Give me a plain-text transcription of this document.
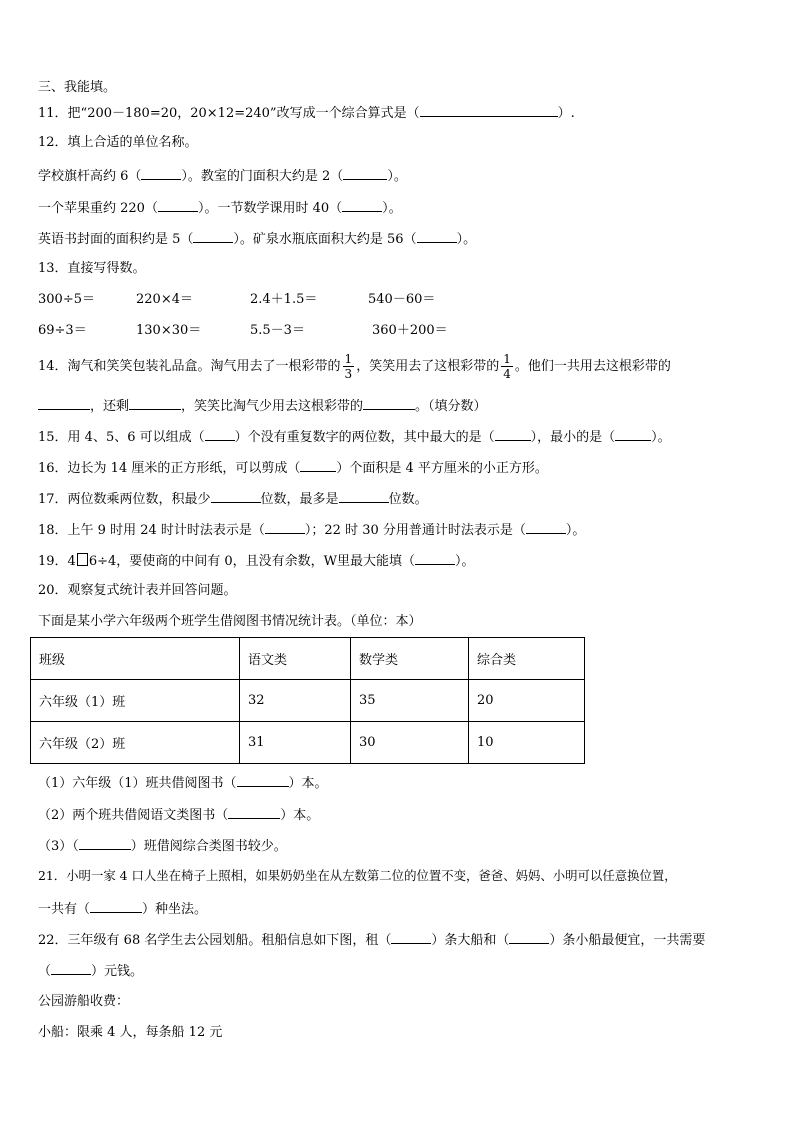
三、我能填。
11．把“200－180=20，20×12=240”改写成一个综合算式是（	）.
12．填上合适的单位名称。
学校旗杆高约 6（	）。教室的门面积大约是 2（	）。
一个苹果重约 220（	）。一节数学课用时 40（	）。
英语书封面的面积约是 5（	）。矿泉水瓶底面积大约是 56（	）。
13．直接写得数。
300÷5＝	220×4＝	2.4＋1.5＝	540－60＝
69÷3＝	130×30＝	5.5－3＝	360＋200＝
14．淘气和笑笑包装礼品盒。淘气用去了一根彩带的 $\frac{1}{3}$ ，笑笑用去了这根彩带的 $\frac{1}{4}$ 。他们一共用去这根彩带的
，还剩	，笑笑比淘气少用去这根彩带的	。（填分数）
15．用 4、5、6 可以组成（ ）个没有重复数字的两位数，其中最大的是（	），最小的是（	）。
16．边长为 14 厘米的正方形纸，可以剪成（	）个面积是 4 平方厘米的小正方形。
17．两位数乘两位数，积最少	位数，最多是	位数。
18．上午 9 时用 24 时计时法表示是（	）；22 时 30 分用普通计时法表示是（	）。
19．4 6÷4，要使商的中间有 0，且没有余数，W里最大能填（	）。
20．观察复式统计表并回答问题。
下面是某小学六年级两个班学生借阅图书情况统计表。（单位：本）
班级	语文类	数学类	综合类
六年级（1）班	32	35	20
六年级（2）班	31	30	10
（1）六年级（1）班共借阅图书（	）本。
（2）两个班共借阅语文类图书（	）本。
（3）（	）班借阅综合类图书较少。
21．小明一家 4 口人坐在椅子上照相，如果奶奶坐在从左数第二位的位置不变，爸爸、妈妈、小明可以任意换位置，
一共有（	）种坐法。
22．三年级有 68 名学生去公园划船。租船信息如下图，租（	）条大船和（	）条小船最便宜，一共需要
（	）元钱。
公园游船收费：
小船：限乘 4 人，每条船 12 元
